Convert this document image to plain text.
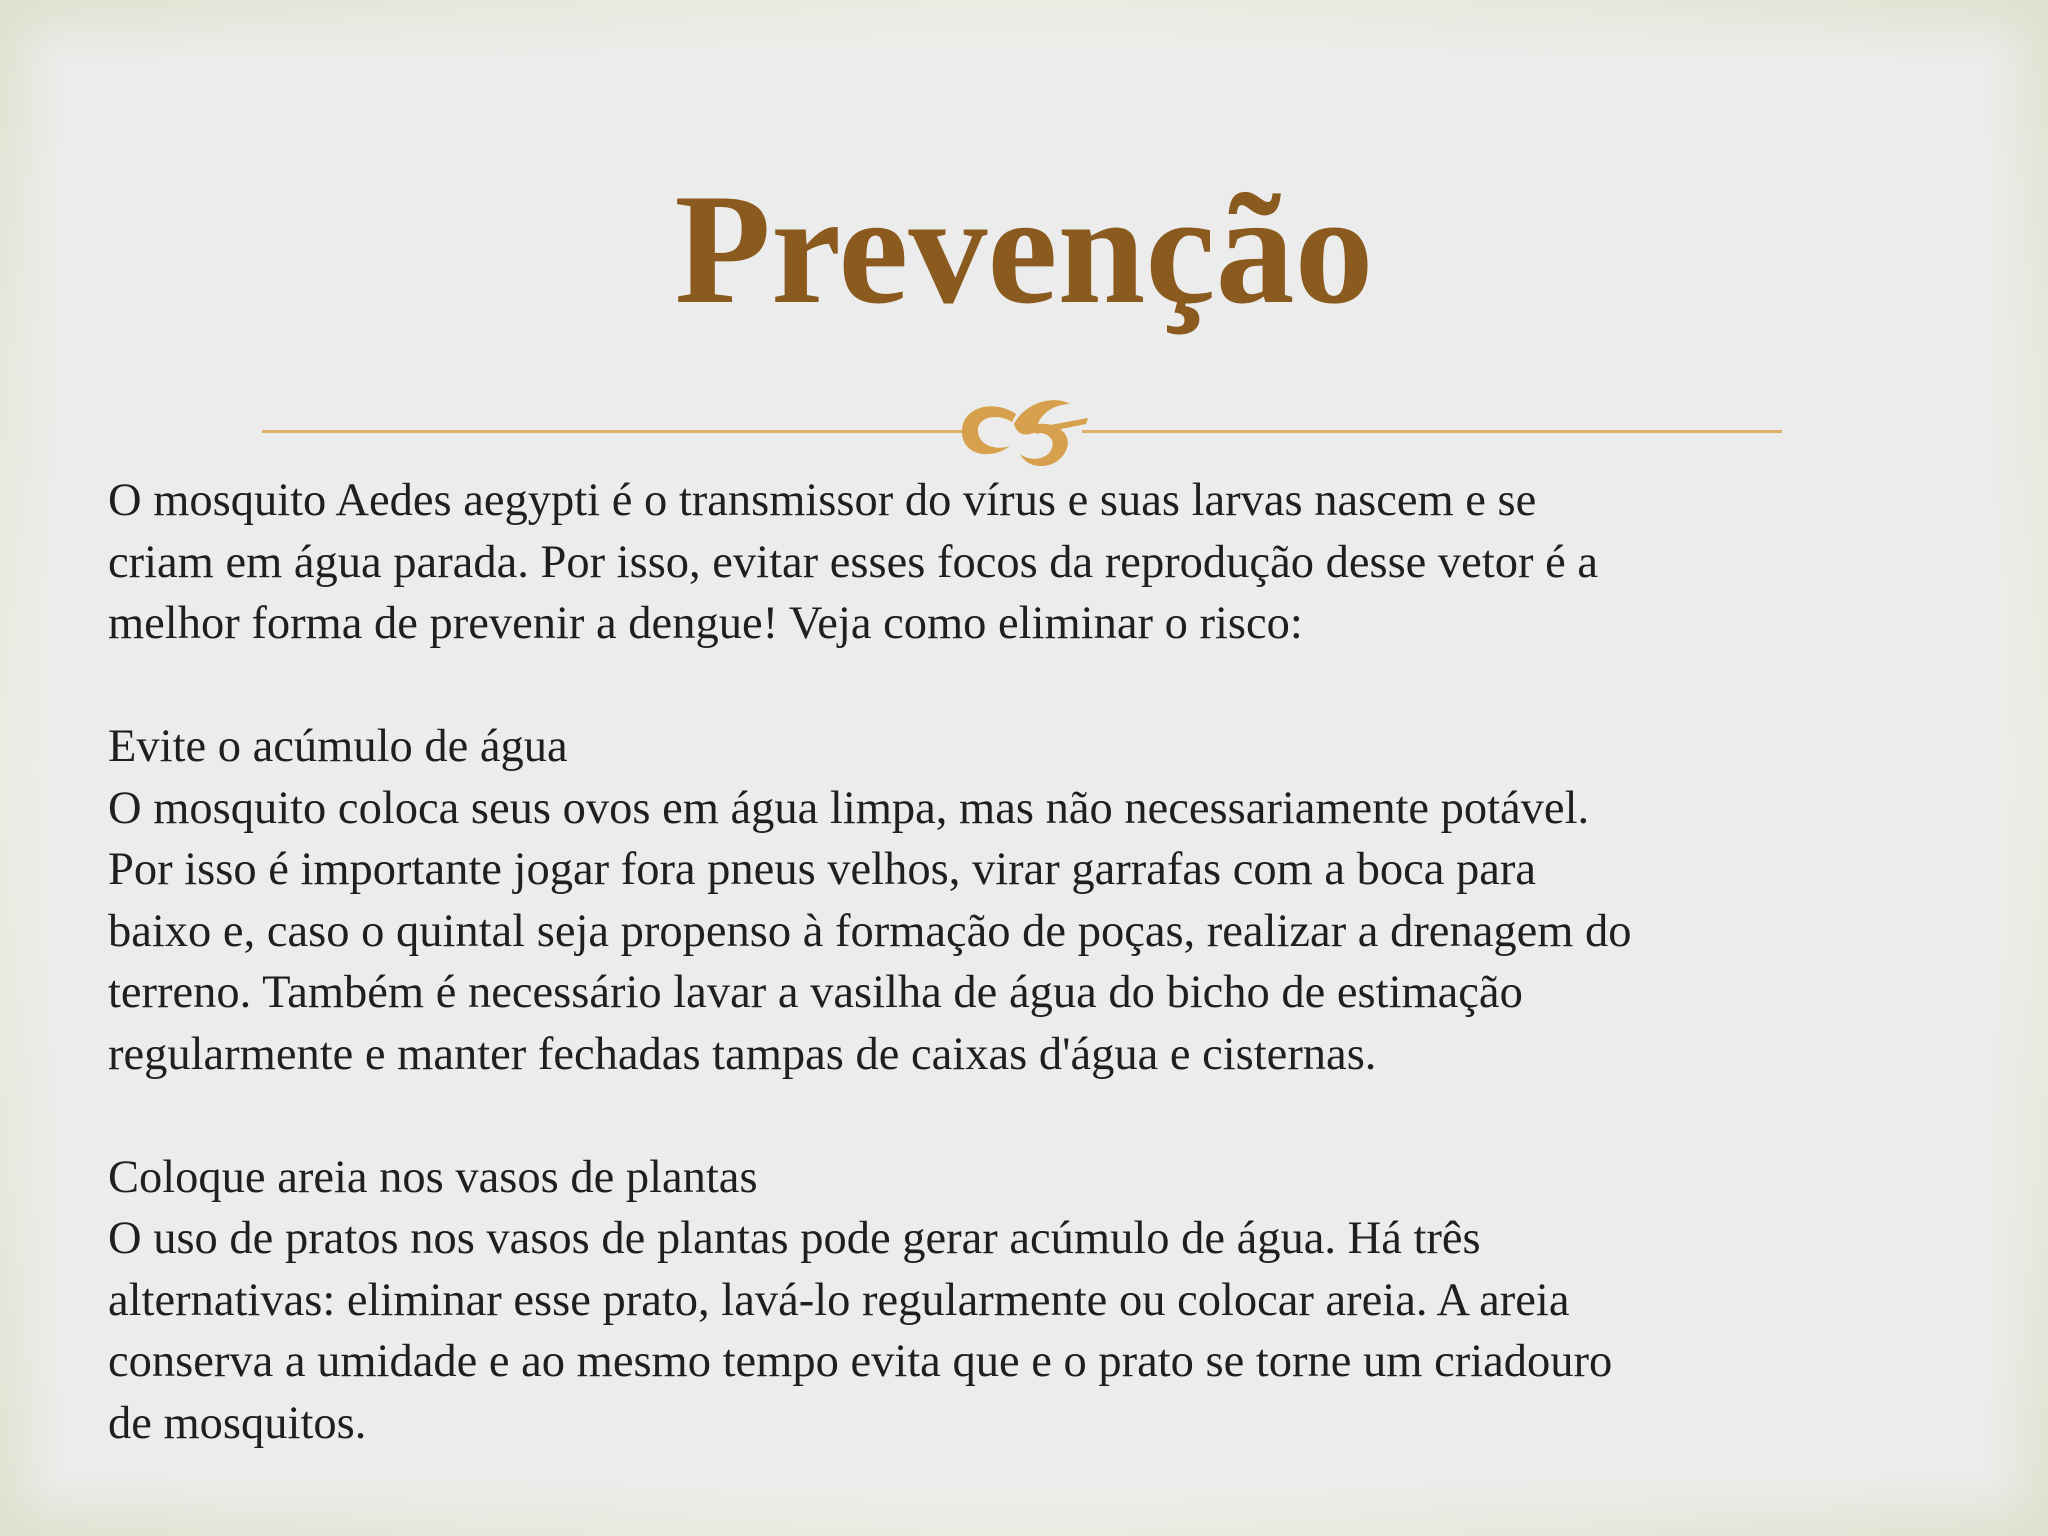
Prevenção

O mosquito Aedes aegypti é o transmissor do vírus e suas larvas nascem e se
criam em água parada. Por isso, evitar esses focos da reprodução desse vetor é a
melhor forma de prevenir a dengue! Veja como eliminar o risco:

Evite o acúmulo de água
O mosquito coloca seus ovos em água limpa, mas não necessariamente potável.
Por isso é importante jogar fora pneus velhos, virar garrafas com a boca para
baixo e, caso o quintal seja propenso à formação de poças, realizar a drenagem do
terreno. Também é necessário lavar a vasilha de água do bicho de estimação
regularmente e manter fechadas tampas de caixas d'água e cisternas.

Coloque areia nos vasos de plantas
O uso de pratos nos vasos de plantas pode gerar acúmulo de água. Há três
alternativas: eliminar esse prato, lavá-lo regularmente ou colocar areia. A areia
conserva a umidade e ao mesmo tempo evita que e o prato se torne um criadouro
de mosquitos.
